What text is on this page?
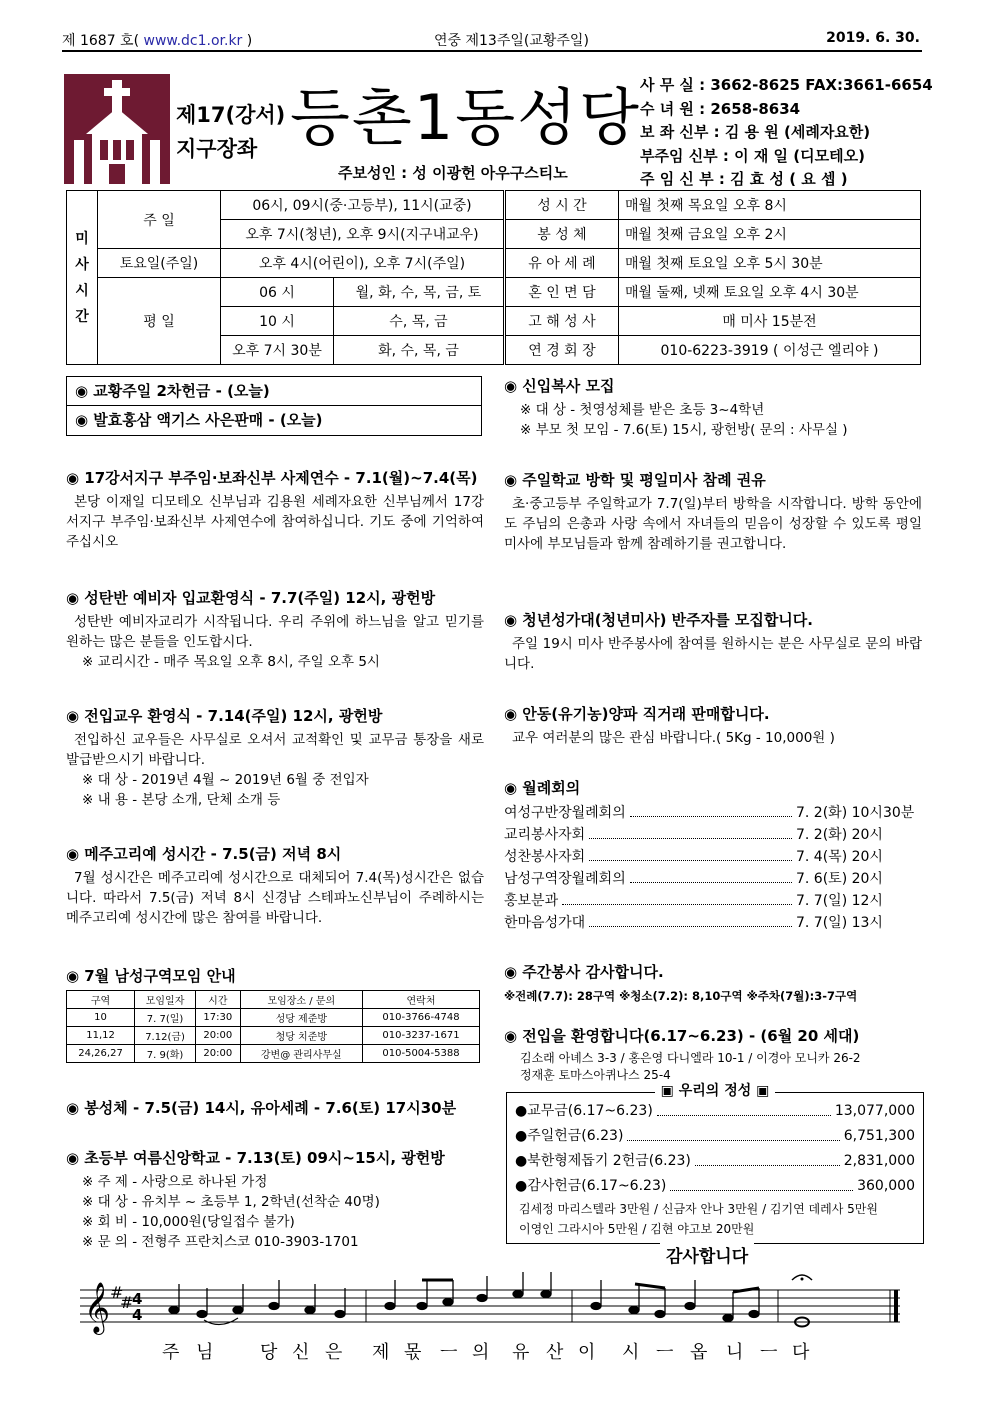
제 1687 호( www.dc1.or.kr )	연중 제13주일(교황주일)	2019. 6. 30.
제17(강서)
지구장좌 등촌1동성당
주보성인 : 성 이광헌 아우구스티노
사 무 실 : 3662-8625 FAX:3661-6654
수 녀 원 : 2658-8634
보 좌 신부 : 김 용 원 (세례자요한)
부주임 신부 : 이 재 일 (디모테오)
주 임 신 부 : 김 효 성 ( 요 셉 )
미
사
시
간	주 일	06시, 09시(중·고등부), 11시(교중)		성 시 간	매월 첫째 목요일 오후 8시
		오후 7시(청년), 오후 9시(지구내교우)		봉 성 체	매월 첫째 금요일 오후 2시
	토요일(주일)	오후 4시(어린이), 오후 7시(주일)		유 아 세 례	매월 첫째 토요일 오후 5시 30분
	평 일	06 시	월, 화, 수, 목, 금, 토	혼 인 면 담	매월 둘째, 넷째 토요일 오후 4시 30분
		10 시	수, 목, 금	고 해 성 사	매 미사 15분전
		오후 7시 30분	화, 수, 목, 금	연 경 회 장	010-6223-3919 ( 이성근 엘리야 )
◉ 교황주일 2차헌금 - (오늘)
◉ 발효홍삼 액기스 사은판매 - (오늘)
◉ 17강서지구 부주임·보좌신부 사제연수 - 7.1(월)~7.4(목)

본당 이재일 디모테오 신부님과 김용원 세례자요한 신부님께서 17강서지구 부주임·보좌신부 사제연수에 참여하십니다. 기도 중에 기억하여 주십시오

◉ 성탄반 예비자 입교환영식 - 7.7(주일) 12시, 광헌방

성탄반 예비자교리가 시작됩니다. 우리 주위에 하느님을 알고 믿기를 원하는 많은 분들을 인도합시다.

※ 교리시간 - 매주 목요일 오후 8시, 주일 오후 5시

◉ 전입교우 환영식 - 7.14(주일) 12시, 광헌방

전입하신 교우들은 사무실로 오셔서 교적확인 및 교무금 통장을 새로 발급받으시기 바랍니다.

※ 대 상 - 2019년 4월 ~ 2019년 6월 중 전입자

※ 내 용 - 본당 소개, 단체 소개 등

◉ 메주고리예 성시간 - 7.5(금) 저녁 8시

7월 성시간은 메주고리예 성시간으로 대체되어 7.4(목)성시간은 없습니다. 따라서 7.5(금) 저녁 8시 신경남 스테파노신부님이 주례하시는 메주고리예 성시간에 많은 참여를 바랍니다.

◉ 7월 남성구역모임 안내
구역	모임일자	시간	모임장소 / 문의	연락처
10	7. 7(일)	17:30	성당 제준방	010-3766-4748
11,12	7.12(금)	20:00	청당 치준방	010-3237-1671
24,26,27	7. 9(화)	20:00	강변@ 관리사무실	010-5004-5388
◉ 봉성체 - 7.5(금) 14시, 유아세례 - 7.6(토) 17시30분
◉ 초등부 여름신앙학교 - 7.13(토) 09시~15시, 광헌방

※ 주 제 - 사랑으로 하나된 가정

※ 대 상 - 유치부 ~ 초등부 1, 2학년(선착순 40명)

※ 회 비 - 10,000원(당일접수 불가)

※ 문 의 - 전형주 프란치스코 010-3903-1701

◉ 신입복사 모집

※ 대 상 - 첫영성체를 받은 초등 3~4학년

※ 부모 첫 모임 - 7.6(토) 15시, 광헌방( 문의 : 사무실 )

◉ 주일학교 방학 및 평일미사 참례 권유

초·중고등부 주일학교가 7.7(일)부터 방학을 시작합니다. 방학 동안에도 주님의 은총과 사랑 속에서 자녀들의 믿음이 성장할 수 있도록 평일미사에 부모님들과 함께 참례하기를 권고합니다.

◉ 청년성가대(청년미사) 반주자를 모집합니다.

주일 19시 미사 반주봉사에 참여를 원하시는 분은 사무실로 문의 바랍니다.

◉ 안동(유기농)양파 직거래 판매합니다.

교우 여러분의 많은 관심 바랍니다.( 5Kg - 10,000원 )

◉ 월례회의
여성구반장월례회의	7. 2(화) 10시30분
교리봉사자회	7. 2(화) 20시
성찬봉사자회	7. 4(목) 20시
남성구역장월례회의	7. 6(토) 20시
홍보분과	7. 7(일) 12시
한마음성가대	7. 7(일) 13시
◉ 주간봉사 감사합니다.

※전례(7.7): 28구역 ※청소(7.2): 8,10구역 ※주차(7월):3-7구역

◉ 전입을 환영합니다(6.17~6.23) - (6월 20 세대)

김소래 아녜스 3-3 / 홍은영 다니엘라 10-1 / 이경아 모니카 26-2

정재훈 토마스아퀴나스 25-4

▣ 우리의 정성 ▣
●교무금(6.17~6.23)	13,077,000
●주일헌금(6.23)	6,751,300
●북한형제돕기 2헌금(6.23)	2,831,000
●감사헌금(6.17~6.23)	360,000
김세정 마리스텔라 3만원 / 신금자 안나 3만원 / 김기연 데레사 5만원
이영인 그라시아 5만원 / 김현 야고보 20만원
감사합니다
𝄞 #
#
4
4
주 님	당 신 은 제 몫 ㅡ 의 유 산 이 시 ㅡ 옵 니 ㅡ 다
